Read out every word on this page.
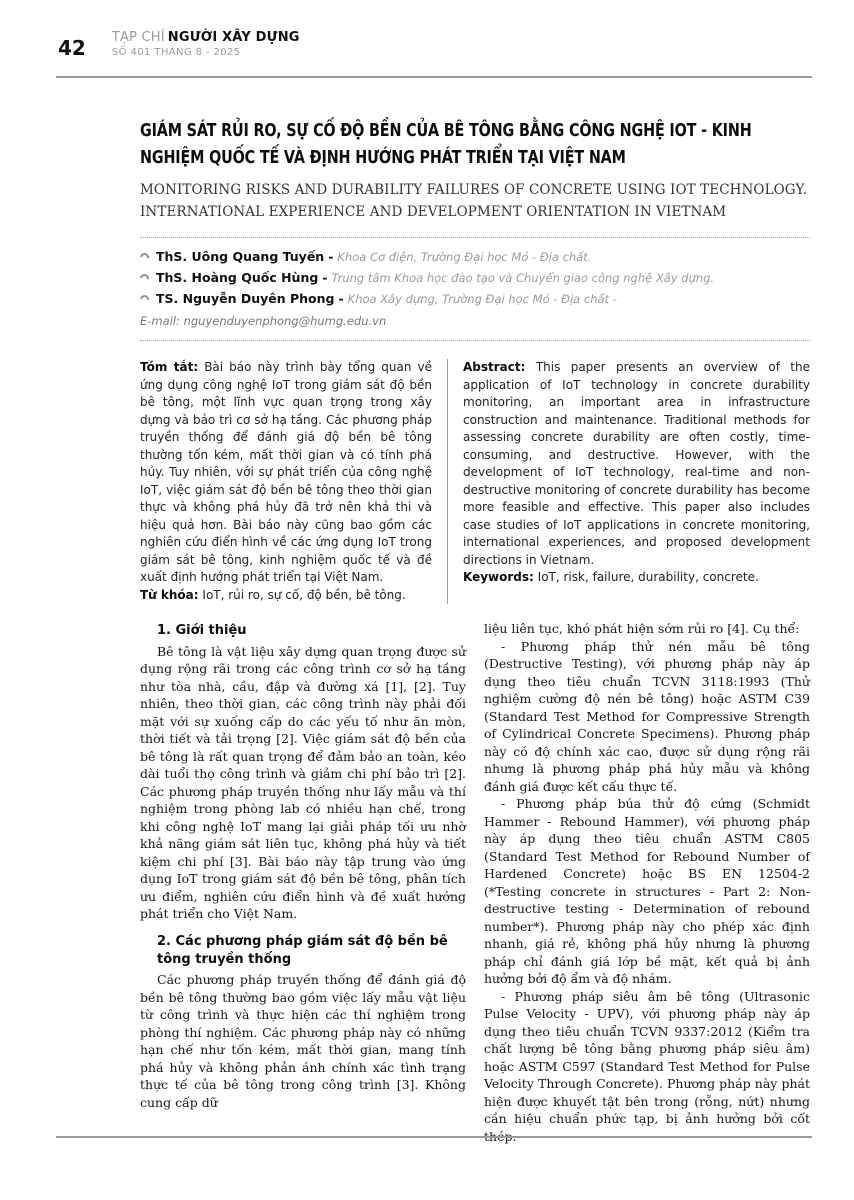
42 TẠP CHÍ NGƯỜI XÂY DỰNG
SỐ 401 THÁNG 8 - 2025
GIÁM SÁT RỦI RO, SỰ CỐ ĐỘ BỀN CỦA BÊ TÔNG BẰNG CÔNG NGHỆ IOT - KINH NGHIỆM QUỐC TẾ VÀ ĐỊNH HƯỚNG PHÁT TRIỂN TẠI VIỆT NAM
MONITORING RISKS AND DURABILITY FAILURES OF CONCRETE USING IOT TECHNOLOGY. INTERNATIONAL EXPERIENCE AND DEVELOPMENT ORIENTATION IN VIETNAM
ThS. Uông Quang Tuyến - Khoa Cơ điện, Trường Đại học Mỏ - Địa chất.
ThS. Hoàng Quốc Hùng - Trung tâm Khoa học đào tạo và Chuyển giao công nghệ Xây dựng.
TS. Nguyễn Duyên Phong - Khoa Xây dựng, Trường Đại học Mỏ - Địa chất -
E-mail: nguyenduyenphong@humg.edu.vn
Tóm tắt: Bài báo này trình bày tổng quan về ứng dụng công nghệ IoT trong giám sát độ bền bê tông, một lĩnh vực quan trọng trong xây dựng và bảo trì cơ sở hạ tầng. Các phương pháp truyền thống để đánh giá độ bền bê tông thường tốn kém, mất thời gian và có tính phá hủy. Tuy nhiên, với sự phát triển của công nghệ IoT, việc giám sát độ bền bê tông theo thời gian thực và không phá hủy đã trở nên khả thi và hiệu quả hơn. Bài báo này cũng bao gồm các nghiên cứu điển hình về các ứng dụng IoT trong giám sát bê tông, kinh nghiệm quốc tế và đề xuất định hướng phát triển tại Việt Nam.
Từ khóa: IoT, rủi ro, sự cố, độ bền, bê tông.
Abstract: This paper presents an overview of the application of IoT technology in concrete durability monitoring, an important area in infrastructure construction and maintenance. Traditional methods for assessing concrete durability are often costly, time-consuming, and destructive. However, with the development of IoT technology, real-time and non-destructive monitoring of concrete durability has become more feasible and effective. This paper also includes case studies of IoT applications in concrete monitoring, international experiences, and proposed development directions in Vietnam.
Keywords: IoT, risk, failure, durability, concrete.
1. Giới thiệu

Bê tông là vật liệu xây dựng quan trọng được sử dụng rộng rãi trong các công trình cơ sở hạ tầng như tòa nhà, cầu, đập và đường xá [1], [2]. Tuy nhiên, theo thời gian, các công trình này phải đối mặt với sự xuống cấp do các yếu tố như ăn mòn, thời tiết và tải trọng [2]. Việc giám sát độ bền của bê tông là rất quan trọng để đảm bảo an toàn, kéo dài tuổi thọ công trình và giảm chi phí bảo trì [2]. Các phương pháp truyền thống như lấy mẫu và thí nghiệm trong phòng lab có nhiều hạn chế, trong khi công nghệ IoT mang lại giải pháp tối ưu nhờ khả năng giám sát liên tục, không phá hủy và tiết kiệm chi phí [3]. Bài báo này tập trung vào ứng dụng IoT trong giám sát độ bền bê tông, phân tích ưu điểm, nghiên cứu điển hình và đề xuất hướng phát triển cho Việt Nam.

2. Các phương pháp giám sát độ bền bê tông truyền thống

Các phương pháp truyền thống để đánh giá độ bền bê tông thường bao gồm việc lấy mẫu vật liệu từ công trình và thực hiện các thí nghiệm trong phòng thí nghiệm. Các phương pháp này có những hạn chế như tốn kém, mất thời gian, mang tính phá hủy và không phản ánh chính xác tình trạng thực tế của bê tông trong công trình [3]. Không cung cấp dữ

liệu liên tục, khó phát hiện sớm rủi ro [4]. Cụ thể:

- Phương pháp thử nén mẫu bê tông (Destructive Testing), với phương pháp này áp dụng theo tiêu chuẩn TCVN 3118:1993 (Thử nghiệm cường độ nén bê tông) hoặc ASTM C39 (Standard Test Method for Compressive Strength of Cylindrical Concrete Specimens). Phương pháp này có độ chính xác cao, được sử dụng rộng rãi nhưng là phương pháp phá hủy mẫu và không đánh giá được kết cấu thực tế.

- Phương pháp búa thử độ cứng (Schmidt Hammer - Rebound Hammer), với phương pháp này áp dụng theo tiêu chuẩn ASTM C805 (Standard Test Method for Rebound Number of Hardened Concrete) hoặc BS EN 12504-2 (*Testing concrete in structures - Part 2: Non-destructive testing - Determination of rebound number*). Phương pháp này cho phép xác định nhanh, giá rẻ, không phá hủy nhưng là phương pháp chỉ đánh giá lớp bề mặt, kết quả bị ảnh hưởng bởi độ ẩm và độ nhám.

- Phương pháp siêu âm bê tông (Ultrasonic Pulse Velocity - UPV), với phương pháp này áp dụng theo tiêu chuẩn TCVN 9337:2012 (Kiểm tra chất lượng bê tông bằng phương pháp siêu âm) hoặc ASTM C597 (Standard Test Method for Pulse Velocity Through Concrete). Phương pháp này phát hiện được khuyết tật bên trong (rỗng, nứt) nhưng cần hiệu chuẩn phức tạp, bị ảnh hưởng bởi cốt thép.
